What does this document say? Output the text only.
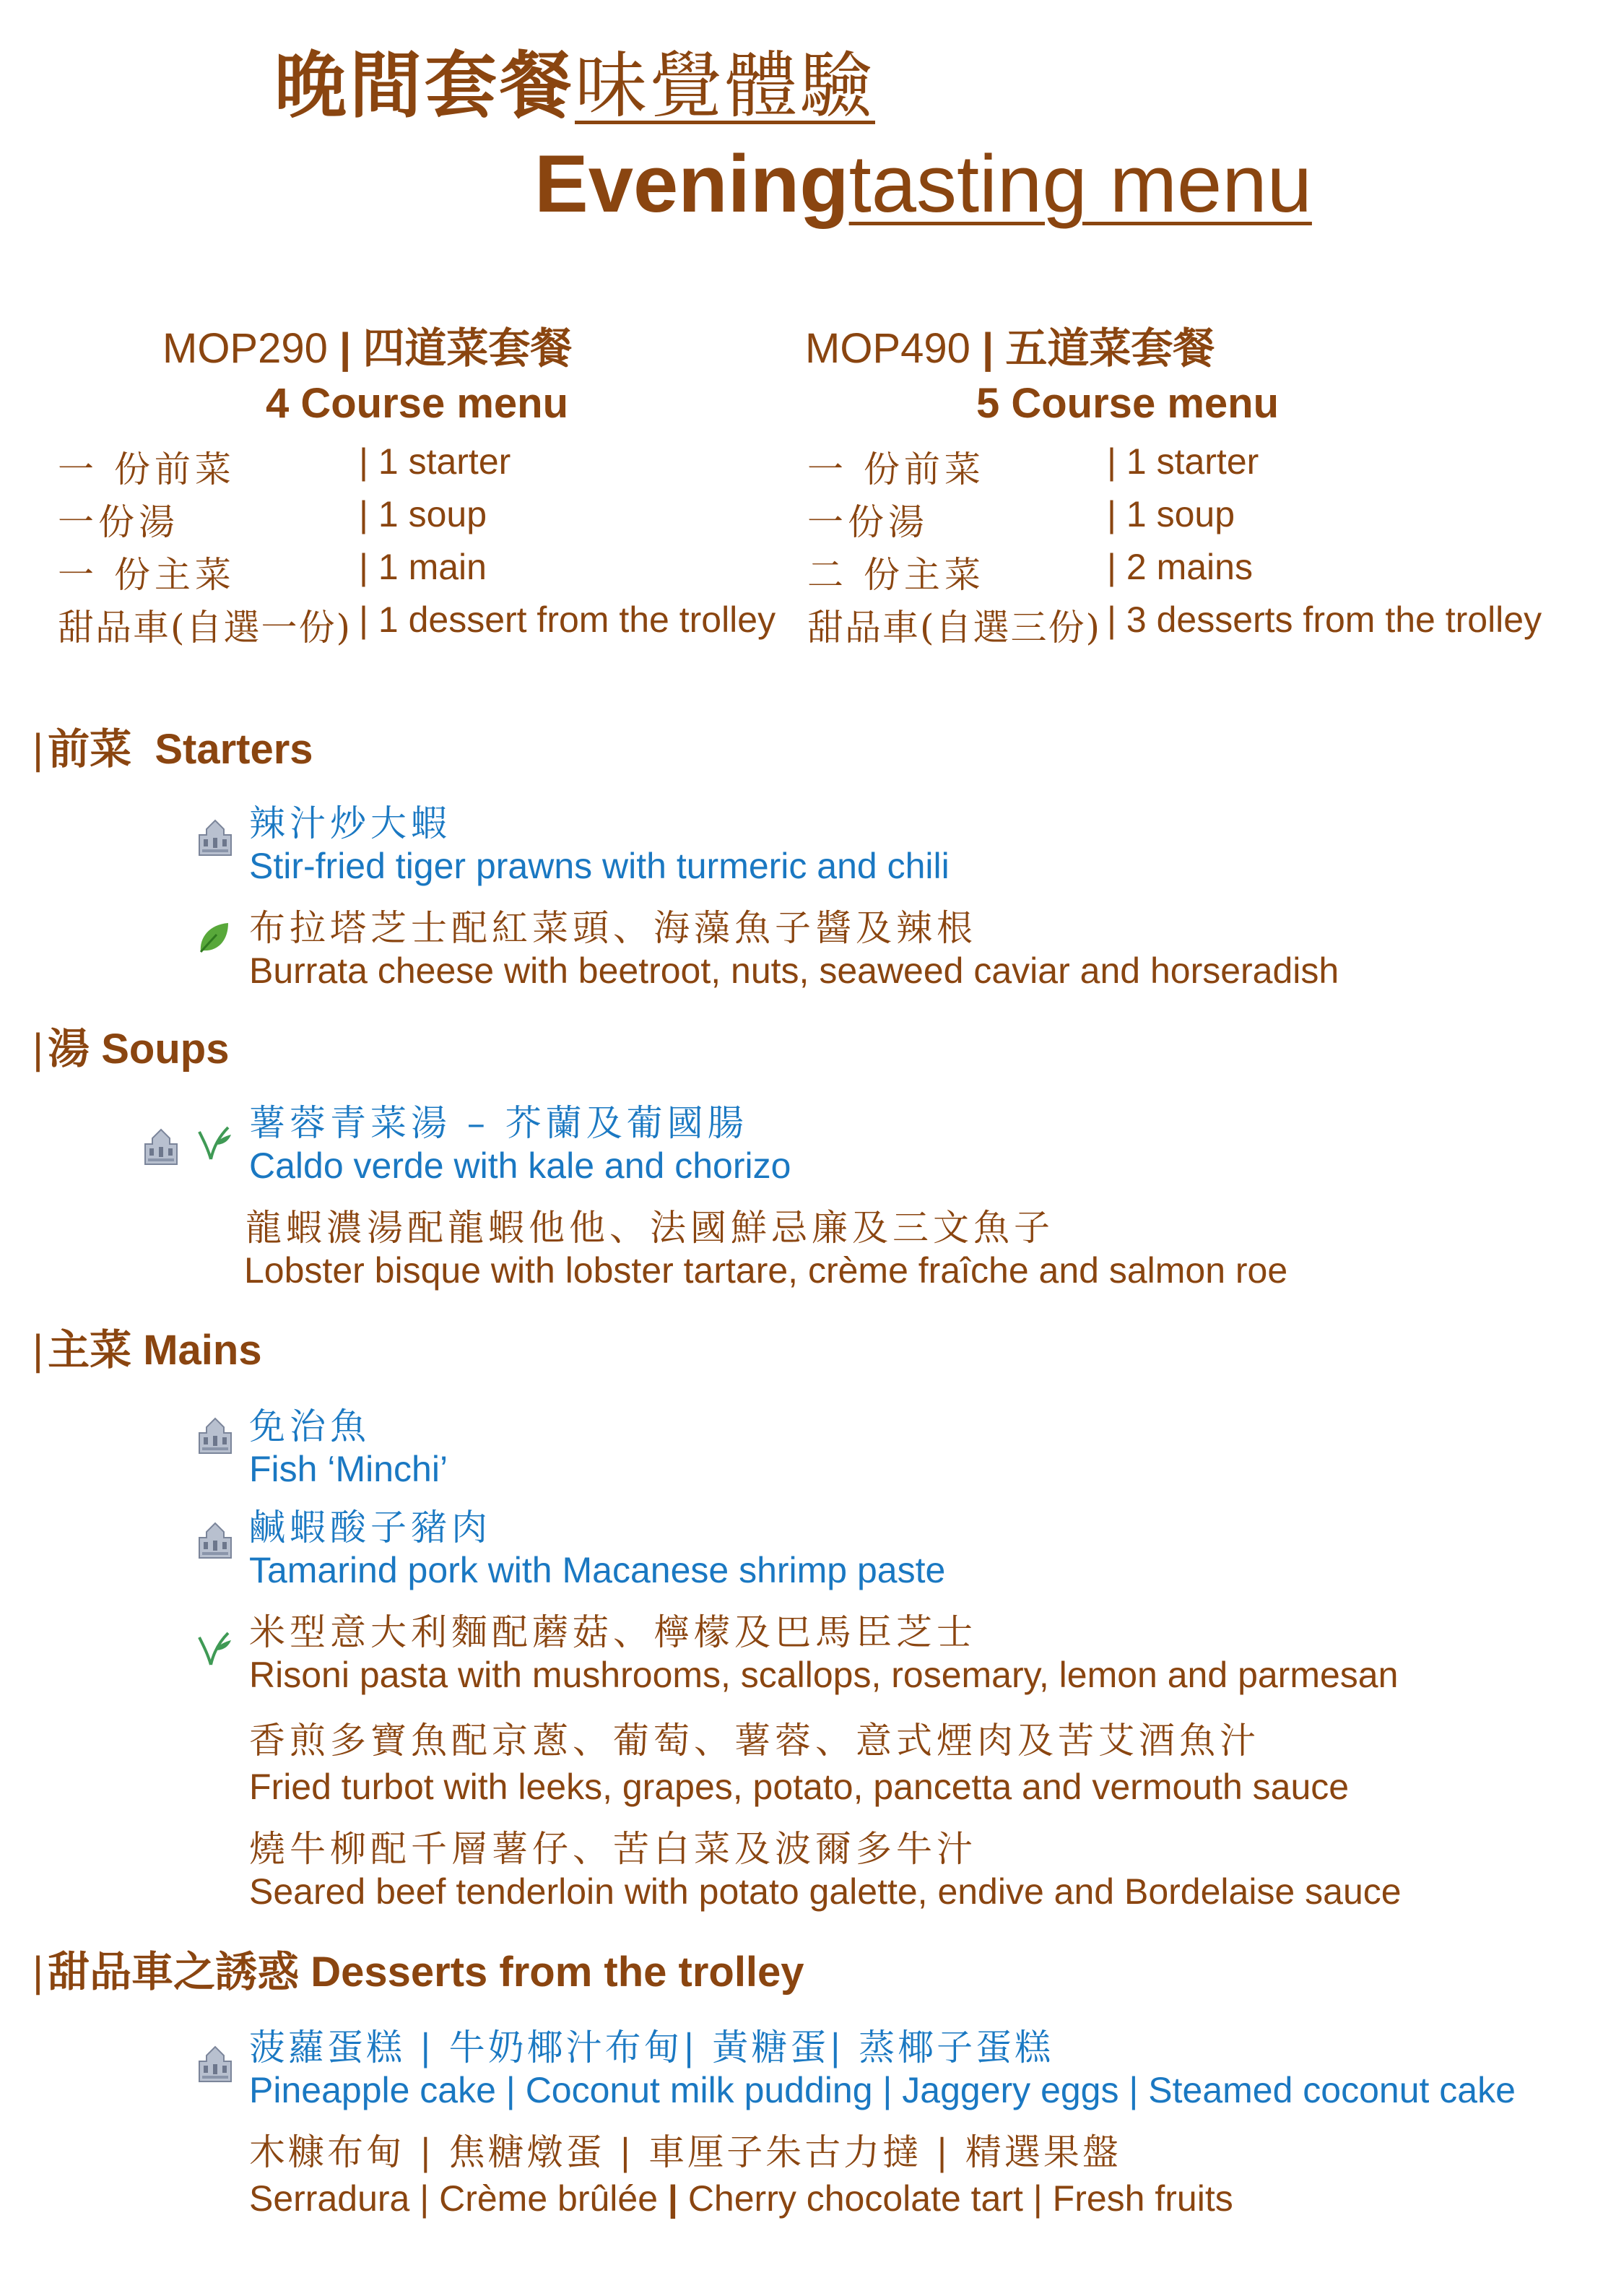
晚間套餐味覺體驗
Eveningtasting menu
MOP290 | 四道菜套餐
4 Course menu
一 份前菜	| 1 starter
一份湯	| 1 soup
一 份主菜	| 1 main
甜品車(自選一份) | 1 dessert from the trolley
MOP490 | 五道菜套餐
5 Course menu
一 份前菜	| 1 starter
一份湯	| 1 soup
二 份主菜	| 2 mains
甜品車(自選三份) | 3 desserts from the trolley
| 前菜 Starters
辣汁炒大蝦
Stir-fried tiger prawns with turmeric and chili
布拉塔芝士配紅菜頭、海藻魚子醬及辣根
Burrata cheese with beetroot, nuts, seaweed caviar and horseradish
| 湯 Soups
薯蓉青菜湯 – 芥蘭及葡國腸
Caldo verde with kale and chorizo
龍蝦濃湯配龍蝦他他、法國鮮忌廉及三文魚子
Lobster bisque with lobster tartare, crème fraîche and salmon roe
| 主菜 Mains
免治魚
Fish ‘Minchi’
鹹蝦酸子豬肉
Tamarind pork with Macanese shrimp paste
米型意大利麵配蘑菇、檸檬及巴馬臣芝士
Risoni pasta with mushrooms, scallops, rosemary, lemon and parmesan
香煎多寶魚配京蔥、葡萄、薯蓉、意式煙肉及苦艾酒魚汁
Fried turbot with leeks, grapes, potato, pancetta and vermouth sauce
燒牛柳配千層薯仔、苦白菜及波爾多牛汁
Seared beef tenderloin with potato galette, endive and Bordelaise sauce
| 甜品車之誘惑 Desserts from the trolley
菠蘿蛋糕 | 牛奶椰汁布甸| 黃糖蛋| 蒸椰子蛋糕
Pineapple cake | Coconut milk pudding | Jaggery eggs | Steamed coconut cake
木糠布甸 | 焦糖燉蛋 | 車厘子朱古力撻 | 精選果盤
Serradura | Crème brûlée | Cherry chocolate tart | Fresh fruits
